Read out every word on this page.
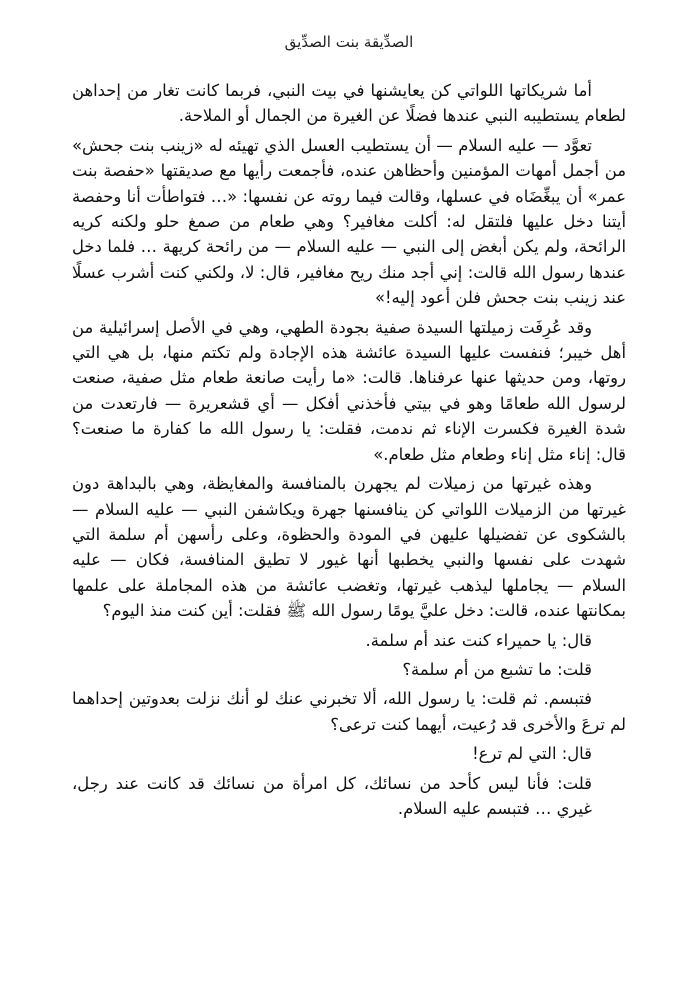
الصدِّيقة بنت الصدِّيق

أما شريكاتها اللواتي كن يعايشنها في بيت النبي، فربما كانت تغار من إحداهن لطعام يستطيبه النبي عندها فضلًا عن الغيرة من الجمال أو الملاحة.

تعوَّد — عليه السلام — أن يستطيب العسل الذي تهيئه له «زينب بنت جحش» من أجمل أمهات المؤمنين وأحظاهن عنده، فأجمعت رأيها مع صديقتها «حفصة بنت عمر» أن يبغِّضَاه في عسلها، وقالت فيما روته عن نفسها: «… فتواطأت أنا وحفصة أيتنا دخل عليها فلتقل له: أكلت مغافير؟ وهي طعام من صمغ حلو ولكنه كريه الرائحة، ولم يكن أبغض إلى النبي — عليه السلام — من رائحة كريهة … فلما دخل عندها رسول الله قالت: إني أجد منك ريح مغافير، قال: لا، ولكني كنت أشرب عسلًا عند زينب بنت جحش فلن أعود إليه!»

وقد عُرِفَت زميلتها السيدة صفية بجودة الطهي، وهي في الأصل إسرائيلية من أهل خيبر؛ فنفست عليها السيدة عائشة هذه الإجادة ولم تكتم منها، بل هي التي روتها، ومن حديثها عنها عرفناها. قالت: «ما رأيت صانعة طعام مثل صفية، صنعت لرسول الله طعامًا وهو في بيتي فأخذني أفكل — أي قشعريرة — فارتعدت من شدة الغيرة فكسرت الإناء ثم ندمت، فقلت: يا رسول الله ما كفارة ما صنعت؟ قال: إناء مثل إناء وطعام مثل طعام.»

وهذه غيرتها من زميلات لم يجهرن بالمنافسة والمغايظة، وهي بالبداهة دون غيرتها من الزميلات اللواتي كن ينافسنها جهرة ويكاشفن النبي — عليه السلام — بالشكوى عن تفضيلها عليهن في المودة والحظوة، وعلى رأسهن أم سلمة التي شهدت على نفسها والنبي يخطبها أنها غيور لا تطيق المنافسة، فكان — عليه السلام — يجاملها ليذهب غيرتها، وتغضب عائشة من هذه المجاملة على علمها بمكانتها عنده، قالت: دخل عليَّ يومًا رسول الله ﷺ فقلت: أين كنت منذ اليوم؟

قال: يا حميراء كنت عند أم سلمة.

قلت: ما تشبع من أم سلمة؟

فتبسم. ثم قلت: يا رسول الله، ألا تخبرني عنك لو أنك نزلت بعدوتين إحداهما لم ترعَ والأخرى قد رُعيت، أيهما كنت ترعى؟

قال: التي لم ترع!

قلت: فأنا ليس كأحد من نسائك، كل امرأة من نسائك قد كانت عند رجل، غيري … فتبسم عليه السلام.
